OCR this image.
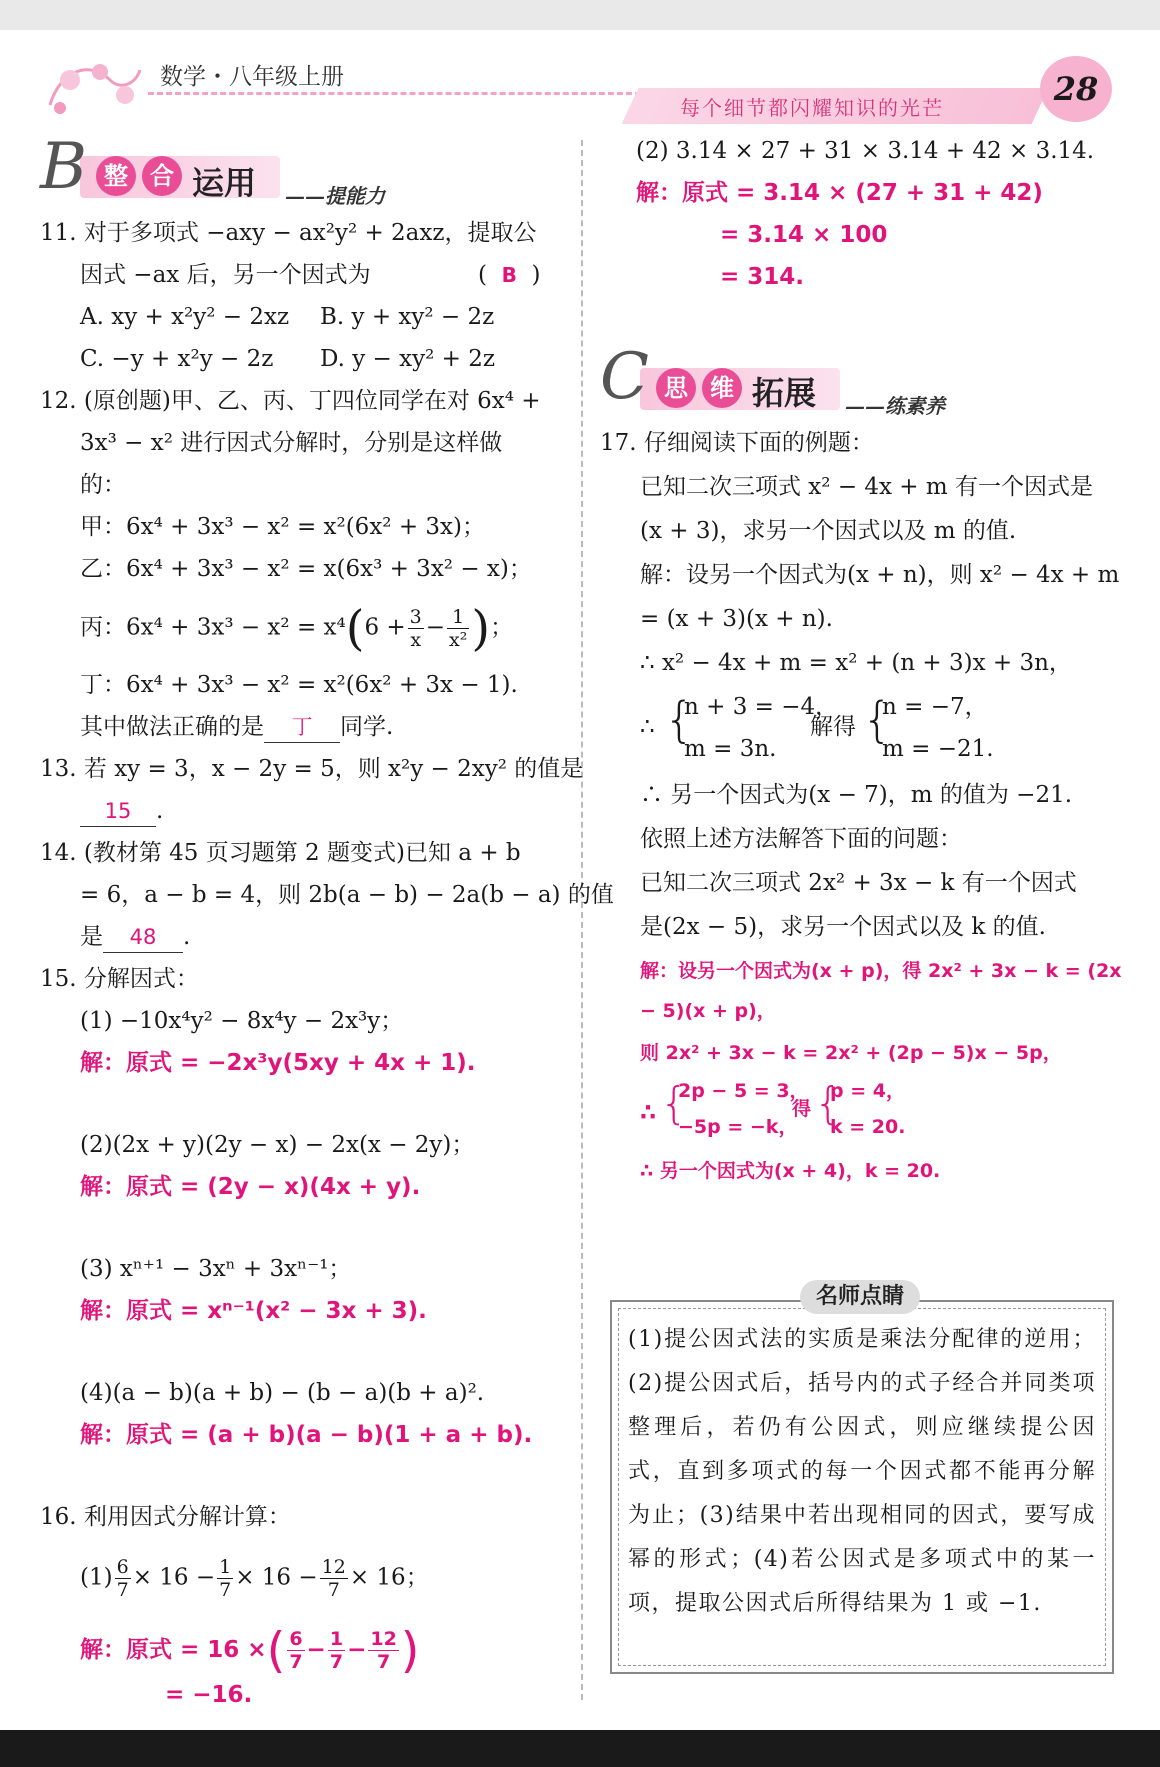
数学・八年级上册
每个细节都闪耀知识的光芒	28
B 整 合 运用 ——提能力
11. 对于多项式 −axy − ax²y² + 2axz，提取公
因式 −ax 后，另一个因式为	(  B  )
A. xy + x²y² − 2xz B. y + xy² − 2z
C. −y + x²y − 2z D. y − xy² + 2z
12. (原创题)甲、乙、丙、丁四位同学在对 6x⁴ +
3x³ − x² 进行因式分解时，分别是这样做
的：
甲：6x⁴ + 3x³ − x² = x²(6x² + 3x)；
乙：6x⁴ + 3x³ − x² = x(6x³ + 3x² − x)；
丙：$6x^4 + 3x^3 - x^2 = x^4(6 + \frac{3}{x} - \frac{1}{\text{x²}}$ )；
丁：6x⁴ + 3x³ − x² = x²(6x² + 3x − 1).
其中做法正确的是 丁 同学.
13. 若 xy = 3，x − 2y = 5，则 x²y − 2xy² 的值是
15 .
14. (教材第 45 页习题第 2 题变式)已知 a + b
= 6，a − b = 4，则 2b(a − b) − 2a(b − a) 的值
是 48 .
15. 分解因式：
(1) −10x⁴y² − 8x⁴y − 2x³y；
解：原式 = −2x³y(5xy + 4x + 1).
(2)(2x + y)(2y − x) − 2x(x − 2y)；
解：原式 = (2y − x)(4x + y).
(3) xⁿ⁺¹ − 3xⁿ + 3xⁿ⁻¹；
解：原式 = xⁿ⁻¹(x² − 3x + 3).
(4)(a − b)(a + b) − (b − a)(b + a)².
解：原式 = (a + b)(a − b)(1 + a + b).
16. 利用因式分解计算：
$(1) \frac{6}{7} \times 16 - \frac{1}{7} \times 16 - \frac{12}{7} \times 16$；
解：原式 = 16 ×( $\frac{6}{7} - \frac{1}{7} - \frac{12}{7}$ )
= −16.
(2) 3.14 × 27 + 31 × 3.14 + 42 × 3.14.
解：原式 = 3.14 × (27 + 31 + 42)
= 3.14 × 100
= 314.
C 思 维 拓展 ——练素养
17. 仔细阅读下面的例题：
已知二次三项式 x² − 4x + m 有一个因式是
(x + 3)，求另一个因式以及 m 的值.
解：设另一个因式为(x + n)，则 x² − 4x + m
= (x + 3)(x + n).
∴ x² − 4x + m = x² + (n + 3)x + 3n，
∴ {
n + 3 = −4，
m = 3n.
解得 {
n = −7，
m = −21.
∴ 另一个因式为(x − 7)，m 的值为 −21.
依照上述方法解答下面的问题：
已知二次三项式 2x² + 3x − k 有一个因式
是(2x − 5)，求另一个因式以及 k 的值.
解：设另一个因式为(x + p)，得 2x² + 3x − k = (2x
− 5)(x + p)，
则 2x² + 3x − k = 2x² + (2p − 5)x − 5p，
∴ {
2p − 5 = 3，
−5p = −k，
得 {
p = 4，
k = 20.
∴ 另一个因式为(x + 4)，k = 20.
名师点睛
(1)提公因式法的实质是乘法分配律的逆用；(2)提公因式后，括号内的式子经合并同类项整理后，若仍有公因式，则应继续提公因式，直到多项式的每一个因式都不能再分解为止；(3)结果中若出现相同的因式，要写成幂的形式；(4)若公因式是多项式中的某一项，提取公因式后所得结果为 1 或 −1.
